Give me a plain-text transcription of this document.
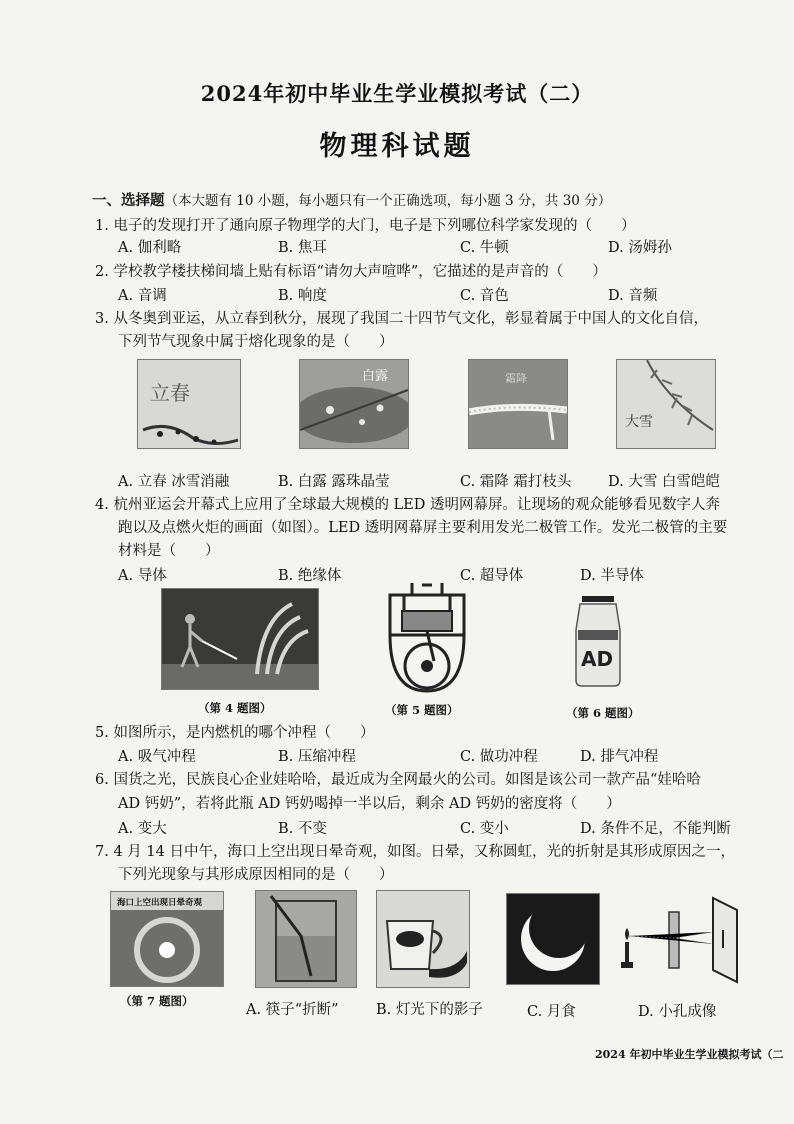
2024年初中毕业生学业模拟考试（二）
物理科试题
一、选择题（本大题有 10 小题，每小题只有一个正确选项，每小题 3 分，共 30 分）
1. 电子的发现打开了通向原子物理学的大门，电子是下列哪位科学家发现的（　　）
A. 伽利略	B. 焦耳	C. 牛顿	D. 汤姆孙
2. 学校教学楼扶梯间墙上贴有标语“请勿大声喧哗”，它描述的是声音的（　　）
A. 音调	B. 响度	C. 音色	D. 音频
3. 从冬奥到亚运，从立春到秋分，展现了我国二十四节气文化，彰显着属于中国人的文化自信，
下列节气现象中属于熔化现象的是（　　）
立春
白露	霜降
大雪
A. 立春 冰雪消融	B. 白露 露珠晶莹	C. 霜降 霜打枝头	D. 大雪 白雪皑皑
4. 杭州亚运会开幕式上应用了全球最大规模的 LED 透明网幕屏。让现场的观众能够看见数字人奔
跑以及点燃火炬的画面（如图）。LED 透明网幕屏主要利用发光二极管工作。发光二极管的主要
材料是（　　）
A. 导体	B. 绝缘体	C. 超导体	D. 半导体
（第 4 题图）	（第 5 题图）
AD
（第 6 题图）
5. 如图所示，是内燃机的哪个冲程（　　）
A. 吸气冲程	B. 压缩冲程	C. 做功冲程	D. 排气冲程
6. 国货之光，民族良心企业娃哈哈，最近成为全网最火的公司。如图是该公司一款产品“娃哈哈
AD 钙奶”，若将此瓶 AD 钙奶喝掉一半以后，剩余 AD 钙奶的密度将（　　）
A. 变大	B. 不变	C. 变小	D. 条件不足，不能判断
7. 4 月 14 日中午，海口上空出现日晕奇观，如图。日晕，又称圆虹，光的折射是其形成原因之一，
下列光现象与其形成原因相同的是（　　）
海口上空出现日晕奇观
（第 7 题图）
A. 筷子“折断”	B. 灯光下的影子	C. 月食	D. 小孔成像
2024 年初中毕业生学业模拟考试（二
